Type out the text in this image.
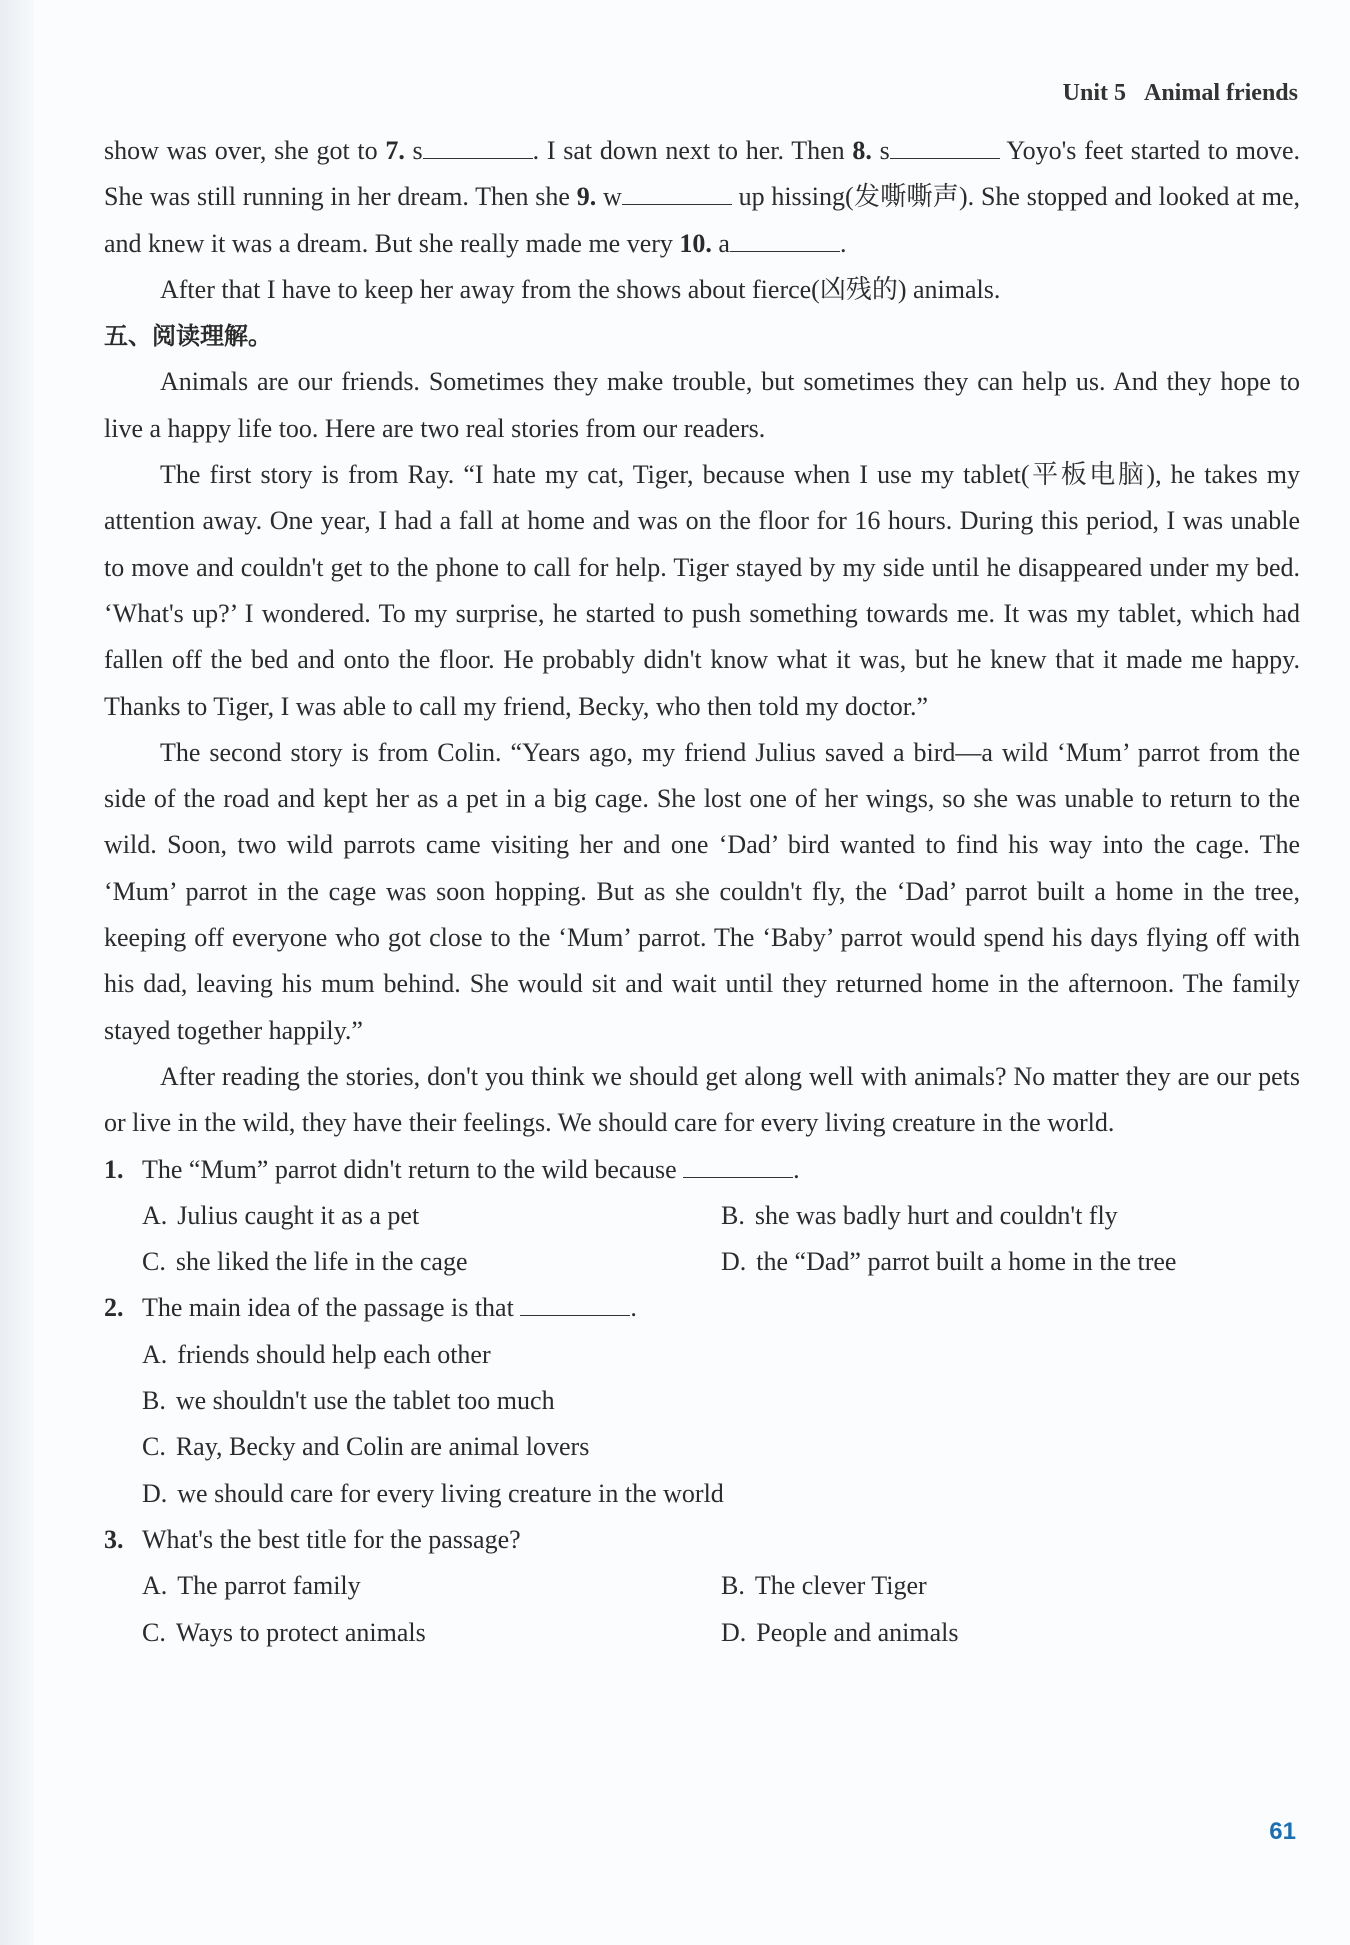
Unit 5 Animal friends

show was over, she got to 7. s	. I sat down next to her. Then 8. s	Yoyo's feet started to move. She was still running in her dream. Then she 9. w	up hissing(发嘶嘶声). She stopped and looked at me, and knew it was a dream. But she really made me very 10. a	.

After that I have to keep her away from the shows about fierce(凶残的) animals.

五、阅读理解。

Animals are our friends. Sometimes they make trouble, but sometimes they can help us. And they hope to live a happy life too. Here are two real stories from our readers.

The first story is from Ray. “I hate my cat, Tiger, because when I use my tablet(平板电脑), he takes my attention away. One year, I had a fall at home and was on the floor for 16 hours. During this period, I was unable to move and couldn't get to the phone to call for help. Tiger stayed by my side until he disappeared under my bed. ‘What's up?’ I wondered. To my surprise, he started to push something towards me. It was my tablet, which had fallen off the bed and onto the floor. He probably didn't know what it was, but he knew that it made me happy. Thanks to Tiger, I was able to call my friend, Becky, who then told my doctor.”

The second story is from Colin. “Years ago, my friend Julius saved a bird—a wild ‘Mum’ parrot from the side of the road and kept her as a pet in a big cage. She lost one of her wings, so she was unable to return to the wild. Soon, two wild parrots came visiting her and one ‘Dad’ bird wanted to find his way into the cage. The ‘Mum’ parrot in the cage was soon hopping. But as she couldn't fly, the ‘Dad’ parrot built a home in the tree, keeping off everyone who got close to the ‘Mum’ parrot. The ‘Baby’ parrot would spend his days flying off with his dad, leaving his mum behind. She would sit and wait until they returned home in the afternoon. The family stayed together happily.”

After reading the stories, don't you think we should get along well with animals? No matter they are our pets or live in the wild, they have their feelings. We should care for every living creature in the world.

1. The “Mum” parrot didn't return to the wild because	.

A. Julius caught it as a pet	B. she was badly hurt and couldn't fly
C. she liked the life in the cage	D. the “Dad” parrot built a home in the tree

2. The main idea of the passage is that	.

A. friends should help each other
B. we shouldn't use the tablet too much
C. Ray, Becky and Colin are animal lovers
D. we should care for every living creature in the world

3. What's the best title for the passage?

A. The parrot family	B. The clever Tiger
C. Ways to protect animals	D. People and animals
61
